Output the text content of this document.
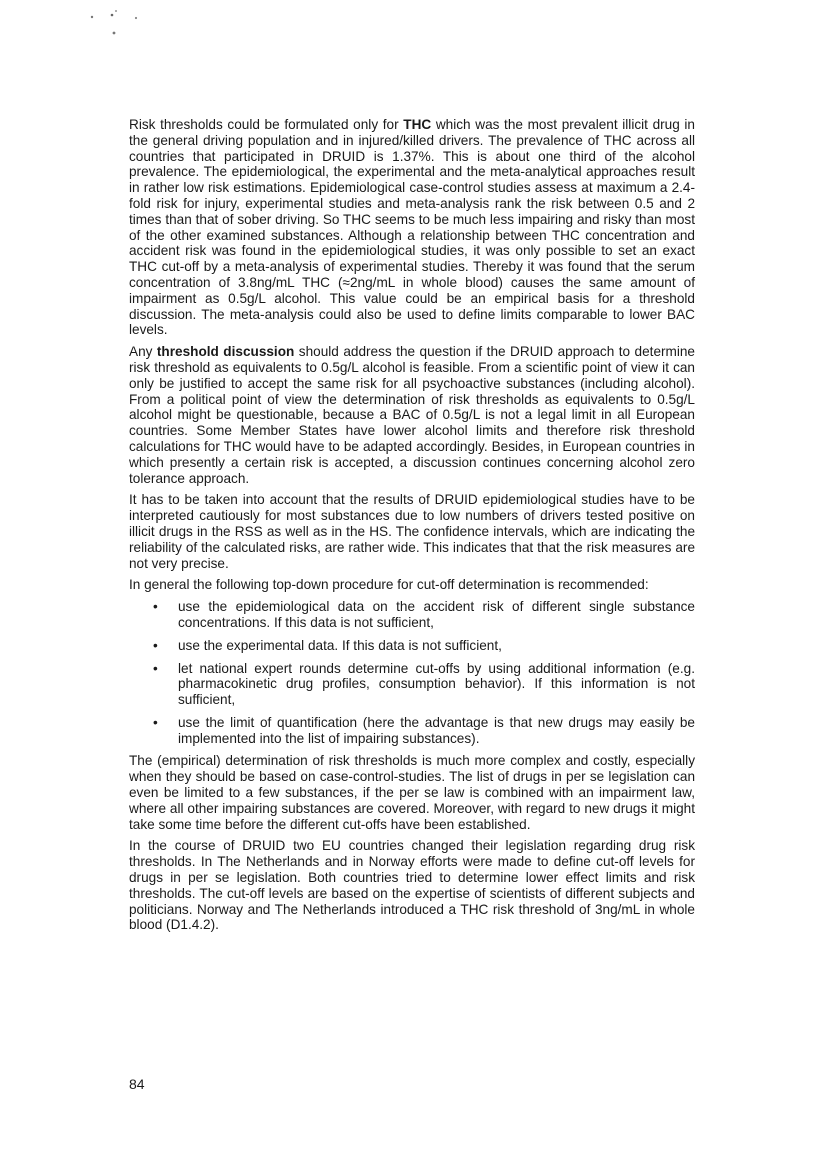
Risk thresholds could be formulated only for THC which was the most prevalent illicit drug in the general driving population and in injured/killed drivers. The prevalence of THC across all countries that participated in DRUID is 1.37%. This is about one third of the alcohol prevalence. The epidemiological, the experimental and the meta-analytical approaches result in rather low risk estimations. Epidemiological case-control studies assess at maximum a 2.4-fold risk for injury, experimental studies and meta-analysis rank the risk between 0.5 and 2 times than that of sober driving. So THC seems to be much less impairing and risky than most of the other examined substances. Although a relationship between THC concentration and accident risk was found in the epidemiological studies, it was only possible to set an exact THC cut-off by a meta-analysis of experimental studies. Thereby it was found that the serum concentration of 3.8ng/mL THC (≈2ng/mL in whole blood) causes the same amount of impairment as 0.5g/L alcohol. This value could be an empirical basis for a threshold discussion. The meta-analysis could also be used to define limits comparable to lower BAC levels.

Any threshold discussion should address the question if the DRUID approach to determine risk threshold as equivalents to 0.5g/L alcohol is feasible. From a scientific point of view it can only be justified to accept the same risk for all psychoactive substances (including alcohol). From a political point of view the determination of risk thresholds as equivalents to 0.5g/L alcohol might be questionable, because a BAC of 0.5g/L is not a legal limit in all European countries. Some Member States have lower alcohol limits and therefore risk threshold calculations for THC would have to be adapted accordingly. Besides, in European countries in which presently a certain risk is accepted, a discussion continues concerning alcohol zero tolerance approach.

It has to be taken into account that the results of DRUID epidemiological studies have to be interpreted cautiously for most substances due to low numbers of drivers tested positive on illicit drugs in the RSS as well as in the HS. The confidence intervals, which are indicating the reliability of the calculated risks, are rather wide. This indicates that that the risk measures are not very precise.

In general the following top-down procedure for cut-off determination is recommended:

• use the epidemiological data on the accident risk of different single substance concentrations. If this data is not sufficient,
• use the experimental data. If this data is not sufficient,
• let national expert rounds determine cut-offs by using additional information (e.g. pharmacokinetic drug profiles, consumption behavior). If this information is not sufficient,
• use the limit of quantification (here the advantage is that new drugs may easily be implemented into the list of impairing substances).

The (empirical) determination of risk thresholds is much more complex and costly, especially when they should be based on case-control-studies. The list of drugs in per se legislation can even be limited to a few substances, if the per se law is combined with an impairment law, where all other impairing substances are covered. Moreover, with regard to new drugs it might take some time before the different cut-offs have been established.

In the course of DRUID two EU countries changed their legislation regarding drug risk thresholds. In The Netherlands and in Norway efforts were made to define cut-off levels for drugs in per se legislation. Both countries tried to determine lower effect limits and risk thresholds. The cut-off levels are based on the expertise of scientists of different subjects and politicians. Norway and The Netherlands introduced a THC risk threshold of 3ng/mL in whole blood (D1.4.2).

84
